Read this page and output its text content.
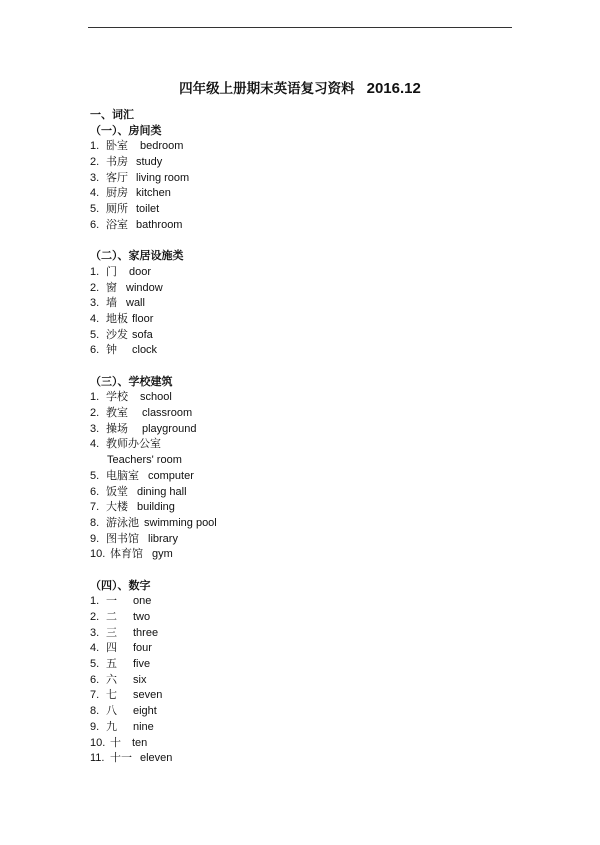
四年级上册期末英语复习资料 2016.12
一、词汇
（一）、房间类
1. 卧室 bedroom
2. 书房 study
3. 客厅 living room
4. 厨房 kitchen
5. 厕所 toilet
6. 浴室 bathroom
（二）、家居设施类
1. 门 door
2. 窗 window
3. 墙 wall
4. 地板 floor
5. 沙发 sofa
6. 钟 clock
（三）、学校建筑
1. 学校 school
2. 教室 classroom
3. 操场 playground
4. 教师办公室
Teachers' room
5. 电脑室 computer
6. 饭堂 dining hall
7. 大楼 building
8. 游泳池 swimming pool
9. 图书馆 library
10. 体育馆 gym
（四）、数字
1. 一 one
2. 二 two
3. 三 three
4. 四 four
5. 五 five
6. 六 six
7. 七 seven
8. 八 eight
9. 九 nine
10. 十 ten
11. 十一 eleven
